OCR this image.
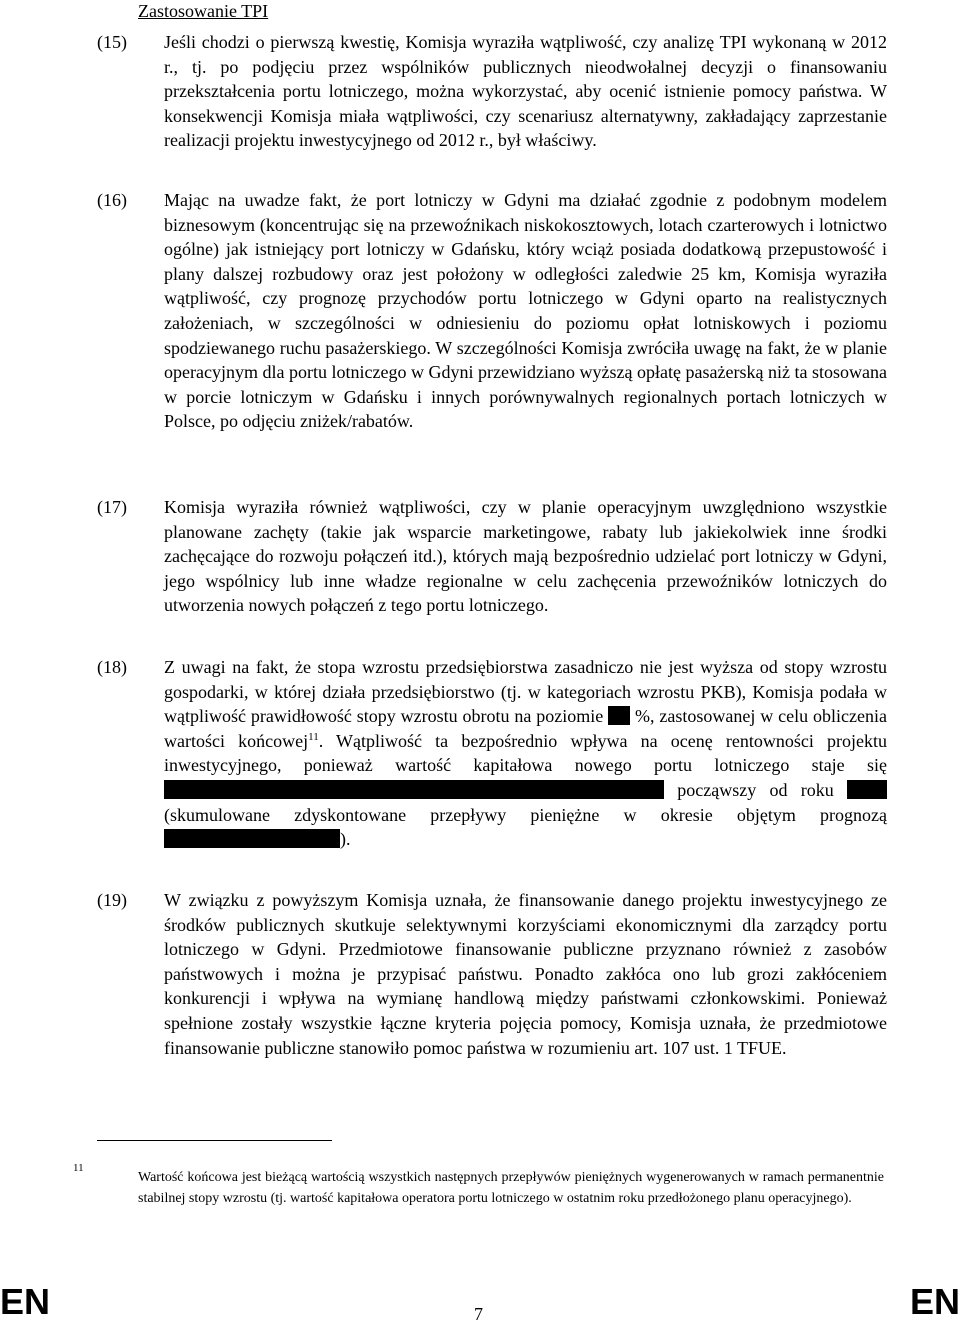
Zastosowanie TPI
(15) Jeśli chodzi o pierwszą kwestię, Komisja wyraziła wątpliwość, czy analizę TPI wykonaną w 2012 r., tj. po podjęciu przez wspólników publicznych nieodwołalnej decyzji o finansowaniu przekształcenia portu lotniczego, można wykorzystać, aby ocenić istnienie pomocy państwa. W konsekwencji Komisja miała wątpliwości, czy scenariusz alternatywny, zakładający zaprzestanie realizacji projektu inwestycyjnego od 2012 r., był właściwy.
(16) Mając na uwadze fakt, że port lotniczy w Gdyni ma działać zgodnie z podobnym modelem biznesowym (koncentrując się na przewoźnikach niskokosztowych, lotach czarterowych i lotnictwo ogólne) jak istniejący port lotniczy w Gdańsku, który wciąż posiada dodatkową przepustowość i plany dalszej rozbudowy oraz jest położony w odległości zaledwie 25 km, Komisja wyraziła wątpliwość, czy prognozę przychodów portu lotniczego w Gdyni oparto na realistycznych założeniach, w szczególności w odniesieniu do poziomu opłat lotniskowych i poziomu spodziewanego ruchu pasażerskiego. W szczególności Komisja zwróciła uwagę na fakt, że w planie operacyjnym dla portu lotniczego w Gdyni przewidziano wyższą opłatę pasażerską niż ta stosowana w porcie lotniczym w Gdańsku i innych porównywalnych regionalnych portach lotniczych w Polsce, po odjęciu zniżek/rabatów.
(17) Komisja wyraziła również wątpliwości, czy w planie operacyjnym uwzględniono wszystkie planowane zachęty (takie jak wsparcie marketingowe, rabaty lub jakiekolwiek inne środki zachęcające do rozwoju połączeń itd.), których mają bezpośrednio udzielać port lotniczy w Gdyni, jego wspólnicy lub inne władze regionalne w celu zachęcenia przewoźników lotniczych do utworzenia nowych połączeń z tego portu lotniczego.
(18) Z uwagi na fakt, że stopa wzrostu przedsiębiorstwa zasadniczo nie jest wyższa od stopy wzrostu gospodarki, w której działa przedsiębiorstwo (tj. w kategoriach wzrostu PKB), Komisja podała w wątpliwość prawidłowość stopy wzrostu obrotu na poziomie %, zastosowanej w celu obliczenia wartości końcowej$^{11}$. Wątpliwość ta bezpośrednio wpływa na ocenę rentowności projektu inwestycyjnego, ponieważ wartość kapitałowa nowego portu lotniczego staje się  począwszy od roku  (skumulowane zdyskontowane przepływy pieniężne w okresie objętym prognozą ).
(19) W związku z powyższym Komisja uznała, że finansowanie danego projektu inwestycyjnego ze środków publicznych skutkuje selektywnymi korzyściami ekonomicznymi dla zarządcy portu lotniczego w Gdyni. Przedmiotowe finansowanie publiczne przyznano również z zasobów państwowych i można je przypisać państwu. Ponadto zakłóca ono lub grozi zakłóceniem konkurencji i wpływa na wymianę handlową między państwami członkowskimi. Ponieważ spełnione zostały wszystkie łączne kryteria pojęcia pomocy, Komisja uznała, że przedmiotowe finansowanie publiczne stanowiło pomoc państwa w rozumieniu art. 107 ust. 1 TFUE.
11
Wartość końcowa jest bieżącą wartością wszystkich następnych przepływów pieniężnych wygenerowanych w ramach permanentnie stabilnej stopy wzrostu (tj. wartość kapitałowa operatora portu lotniczego w ostatnim roku przedłożonego planu operacyjnego).
EN	7	EN
